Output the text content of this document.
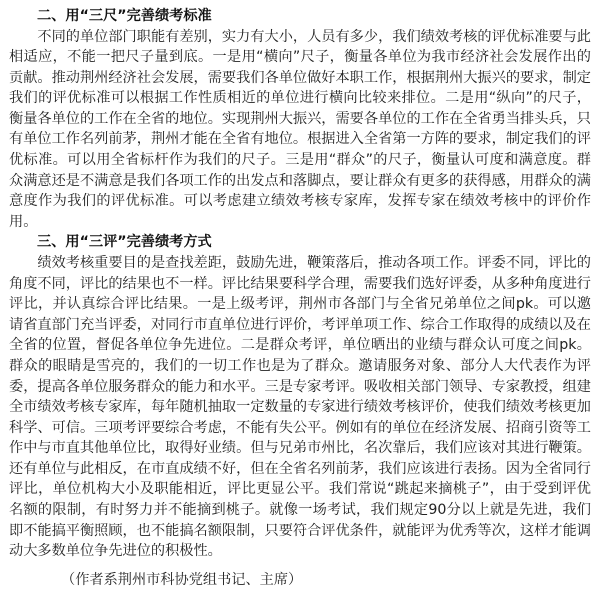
二、用“三尺”完善绩考标准

不同的单位部门职能有差别，实力有大小，人员有多少，我们绩效考核的评优标准要与此相适应，不能一把尺子量到底。一是用“横向”尺子，衡量各单位为我市经济社会发展作出的贡献。推动荆州经济社会发展，需要我们各单位做好本职工作，根据荆州大振兴的要求，制定我们的评优标准可以根据工作性质相近的单位进行横向比较来排位。二是用“纵向”的尺子，衡量各单位的工作在全省的地位。实现荆州大振兴，需要各单位的工作在全省勇当排头兵，只有单位工作名列前茅，荆州才能在全省有地位。根据进入全省第一方阵的要求，制定我们的评优标准。可以用全省标杆作为我们的尺子。三是用“群众”的尺子，衡量认可度和满意度。群众满意还是不满意是我们各项工作的出发点和落脚点，要让群众有更多的获得感，用群众的满意度作为我们的评优标准。可以考虑建立绩效考核专家库，发挥专家在绩效考核中的评价作用。

三、用“三评”完善绩考方式

绩效考核重要目的是查找差距，鼓励先进，鞭策落后，推动各项工作。评委不同，评比的角度不同，评比的结果也不一样。评比结果要科学合理，需要我们选好评委，从多种角度进行评比，并认真综合评比结果。一是上级考评，荆州市各部门与全省兄弟单位之间pk。可以邀请省直部门充当评委，对同行市直单位进行评价，考评单项工作、综合工作取得的成绩以及在全省的位置，督促各单位争先进位。二是群众考评，单位晒出的业绩与群众认可度之间pk。群众的眼睛是雪亮的，我们的一切工作也是为了群众。邀请服务对象、部分人大代表作为评委，提高各单位服务群众的能力和水平。三是专家考评。吸收相关部门领导、专家教授，组建全市绩效考核专家库，每年随机抽取一定数量的专家进行绩效考核评价，使我们绩效考核更加科学、可信。三项考评要综合考虑，不能有失公平。例如有的单位在经济发展、招商引资等工作中与市直其他单位比，取得好业绩。但与兄弟市州比，名次靠后，我们应该对其进行鞭策。还有单位与此相反，在市直成绩不好，但在全省名列前茅，我们应该进行表扬。因为全省同行评比，单位机构大小及职能相近，评比更显公平。我们常说“跳起来摘桃子”，由于受到评优名额的限制，有时努力并不能摘到桃子。就像一场考试，我们规定90分以上就是先进，我们即不能搞平衡照顾，也不能搞名额限制，只要符合评优条件，就能评为优秀等次，这样才能调动大多数单位争先进位的积极性。

（作者系荆州市科协党组书记、主席）
